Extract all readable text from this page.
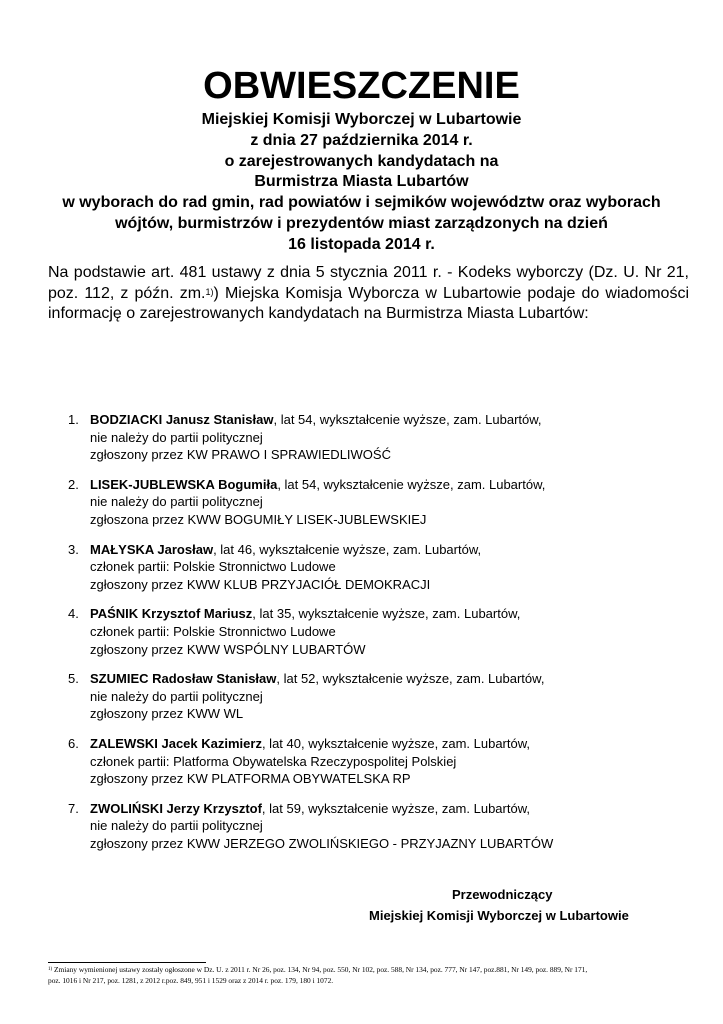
OBWIESZCZENIE
Miejskiej Komisji Wyborczej w Lubartowie
z dnia 27 października 2014 r.
o zarejestrowanych kandydatach na
Burmistrza Miasta Lubartów
w wyborach do rad gmin, rad powiatów i sejmików województw oraz wyborach
wójtów, burmistrzów i prezydentów miast zarządzonych na dzień
16 listopada 2014 r.

Na podstawie art. 481 ustawy z dnia 5 stycznia 2011 r. - Kodeks wyborczy (Dz. U. Nr 21, poz. 112, z późn. zm.$^{1)}$) Miejska Komisja Wyborcza w Lubartowie podaje do wiadomości informację o zarejestrowanych kandydatach na Burmistrza Miasta Lubartów:

1. BODZIACKI Janusz Stanisław, lat 54, wykształcenie wyższe, zam. Lubartów,
nie należy do partii politycznej
zgłoszony przez KW PRAWO I SPRAWIEDLIWOŚĆ
2. LISEK-JUBLEWSKA Bogumiła, lat 54, wykształcenie wyższe, zam. Lubartów,
nie należy do partii politycznej
zgłoszona przez KWW BOGUMIŁY LISEK-JUBLEWSKIEJ
3. MAŁYSKA Jarosław, lat 46, wykształcenie wyższe, zam. Lubartów,
członek partii: Polskie Stronnictwo Ludowe
zgłoszony przez KWW KLUB PRZYJACIÓŁ DEMOKRACJI
4. PAŚNIK Krzysztof Mariusz, lat 35, wykształcenie wyższe, zam. Lubartów,
członek partii: Polskie Stronnictwo Ludowe
zgłoszony przez KWW WSPÓLNY LUBARTÓW
5. SZUMIEC Radosław Stanisław, lat 52, wykształcenie wyższe, zam. Lubartów,
nie należy do partii politycznej
zgłoszony przez KWW WL
6. ZALEWSKI Jacek Kazimierz, lat 40, wykształcenie wyższe, zam. Lubartów,
członek partii: Platforma Obywatelska Rzeczypospolitej Polskiej
zgłoszony przez KW PLATFORMA OBYWATELSKA RP
7. ZWOLIŃSKI Jerzy Krzysztof, lat 59, wykształcenie wyższe, zam. Lubartów,
nie należy do partii politycznej
zgłoszony przez KWW JERZEGO ZWOLIŃSKIEGO - PRZYJAZNY LUBARTÓW
Przewodniczący
Miejskiej Komisji Wyborczej w Lubartowie
$^{1)}$ Zmiany wymienionej ustawy zostały ogłoszone w Dz. U. z 2011 r. Nr 26, poz. 134, Nr 94, poz. 550, Nr 102, poz. 588, Nr 134, poz. 777, Nr 147, poz.881, Nr 149, poz. 889, Nr 171,
poz. 1016 i Nr 217, poz. 1281, z 2012 r.poz. 849, 951 i 1529 oraz z 2014 r. poz. 179, 180 i 1072.
